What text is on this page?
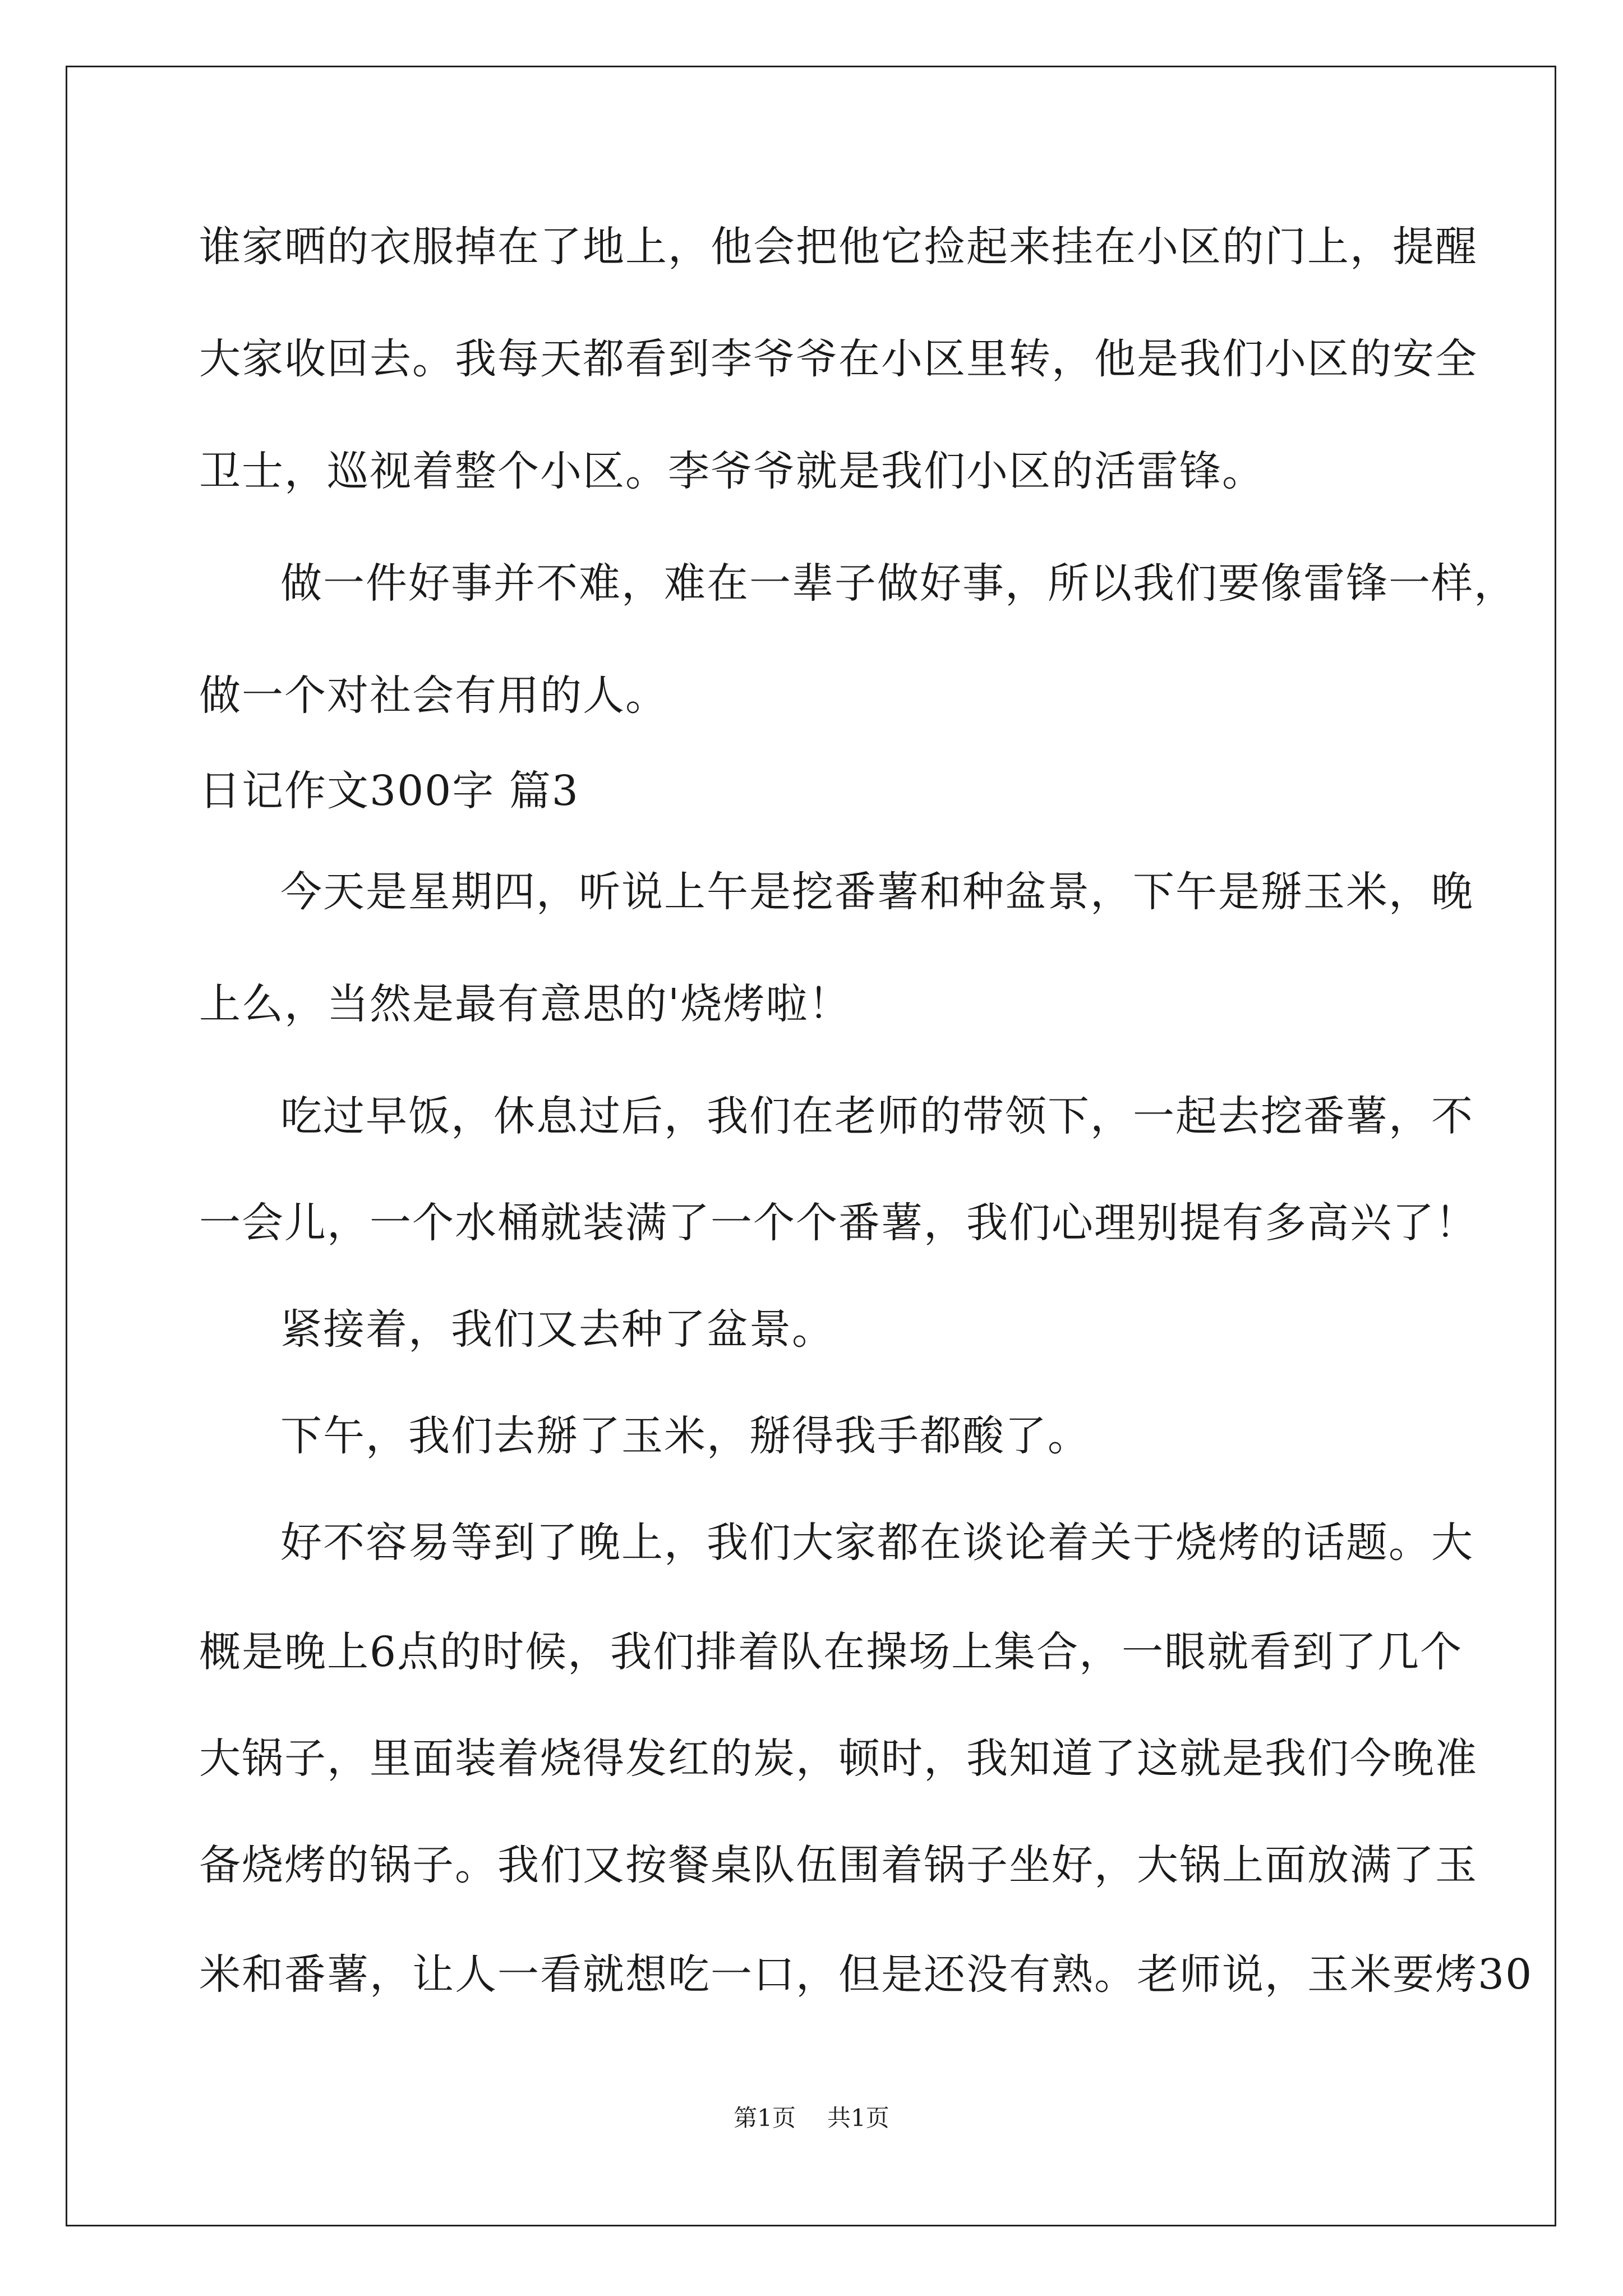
谁家晒的衣服掉在了地上，他会把他它捡起来挂在小区的门上，提醒
大家收回去。我每天都看到李爷爷在小区里转，他是我们小区的安全
卫士，巡视着整个小区。李爷爷就是我们小区的活雷锋。
做一件好事并不难，难在一辈子做好事，所以我们要像雷锋一样，
做一个对社会有用的人。
日记作文300字 篇3
今天是星期四，听说上午是挖番薯和种盆景，下午是掰玉米，晚
上么，当然是最有意思的'烧烤啦！
吃过早饭，休息过后，我们在老师的带领下，一起去挖番薯，不
一会儿，一个水桶就装满了一个个番薯，我们心理别提有多高兴了！
紧接着，我们又去种了盆景。
下午，我们去掰了玉米，掰得我手都酸了。
好不容易等到了晚上，我们大家都在谈论着关于烧烤的话题。大
概是晚上6点的时候，我们排着队在操场上集合，一眼就看到了几个
大锅子，里面装着烧得发红的炭，顿时，我知道了这就是我们今晚准
备烧烤的锅子。我们又按餐桌队伍围着锅子坐好，大锅上面放满了玉
米和番薯，让人一看就想吃一口，但是还没有熟。老师说，玉米要烤30
第1页 共1页
